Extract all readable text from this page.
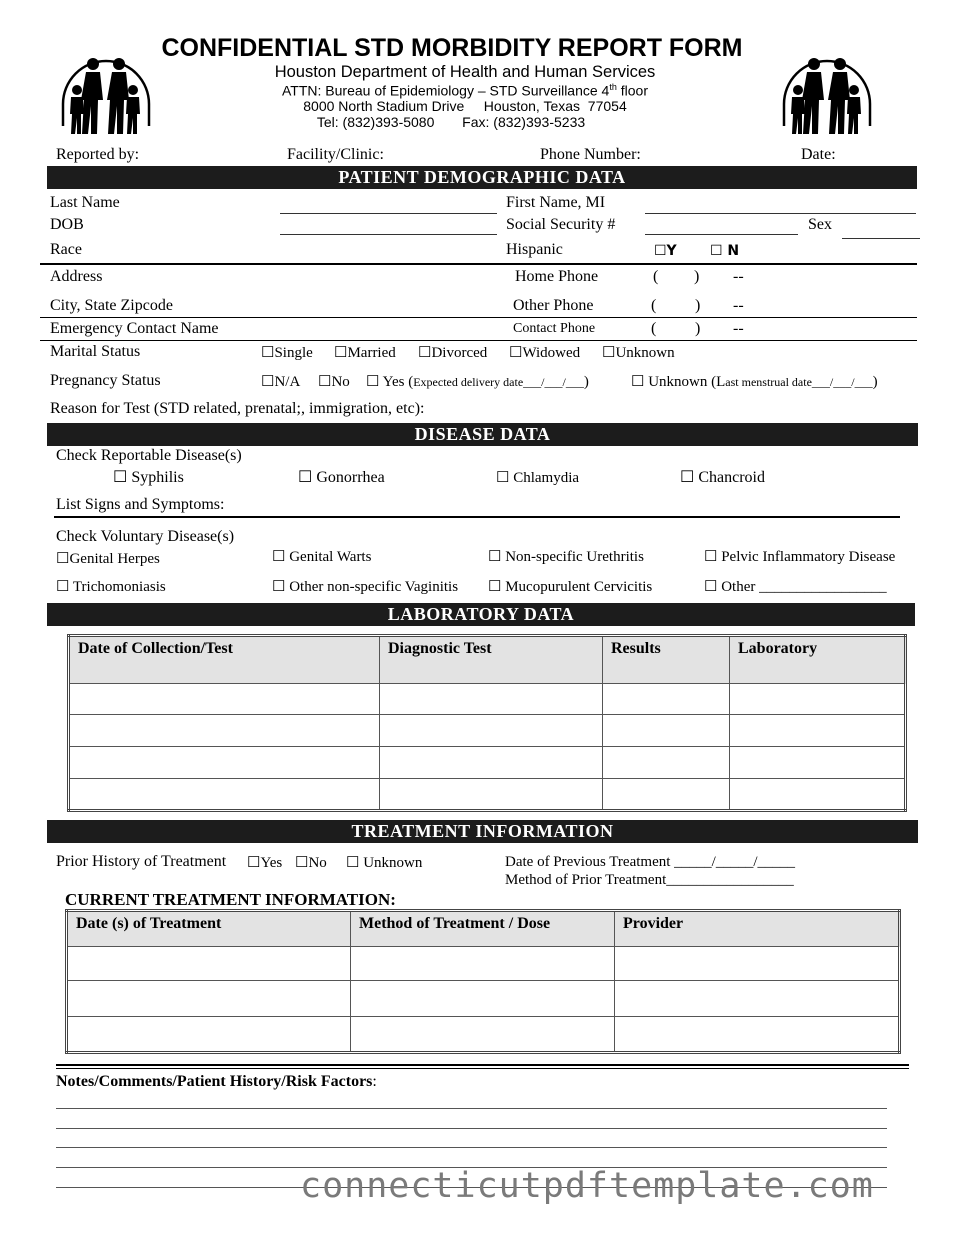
CONFIDENTIAL STD MORBIDITY REPORT FORM
Houston Department of Health and Human Services
ATTN: Bureau of Epidemiology – STD Surveillance 4th floor
8000 North Stadium Drive     Houston, Texas  77054
Tel: (832)393-5080 Fax: (832)393-5233
Reported by:	Facility/Clinic:	Phone Number:	Date:
PATIENT DEMOGRAPHIC DATA
Last Name	First Name, MI
DOB	Social Security #	Sex
Race	Hispanic	☐Y ☐ N
Address	Home Phone	( ) --
City, State Zipcode	Other Phone	( ) --
Emergency Contact Name	Contact Phone	( ) --
Marital Status	☐Single ☐Married ☐Divorced ☐Widowed ☐Unknown
Pregnancy Status	☐N/A ☐No ☐ Yes (Expected delivery date___/___/___)	☐ Unknown (Last menstrual date___/___/___)
Reason for Test (STD related, prenatal;, immigration, etc):
DISEASE DATA
Check Reportable Disease(s)
☐ Syphilis	☐ Gonorrhea	☐ Chlamydia	☐ Chancroid
List Signs and Symptoms:
Check Voluntary Disease(s)
☐Genital Herpes	☐ Genital Warts	☐ Non-specific Urethritis	☐ Pelvic Inflammatory Disease
☐ Trichomoniasis	☐ Other non-specific Vaginitis ☐ Mucopurulent Cervicitis	☐ Other _________________
LABORATORY DATA
Date of Collection/Test	Diagnostic Test	Results	Laboratory

TREATMENT INFORMATION
Prior History of Treatment ☐Yes ☐No ☐ Unknown	Date of Previous Treatment _____/_____/_____
Method of Prior Treatment_________________
CURRENT TREATMENT INFORMATION:
Date (s) of Treatment	Method of Treatment / Dose	Provider

Notes/Comments/Patient History/Risk Factors:
connecticutpdftemplate.com
